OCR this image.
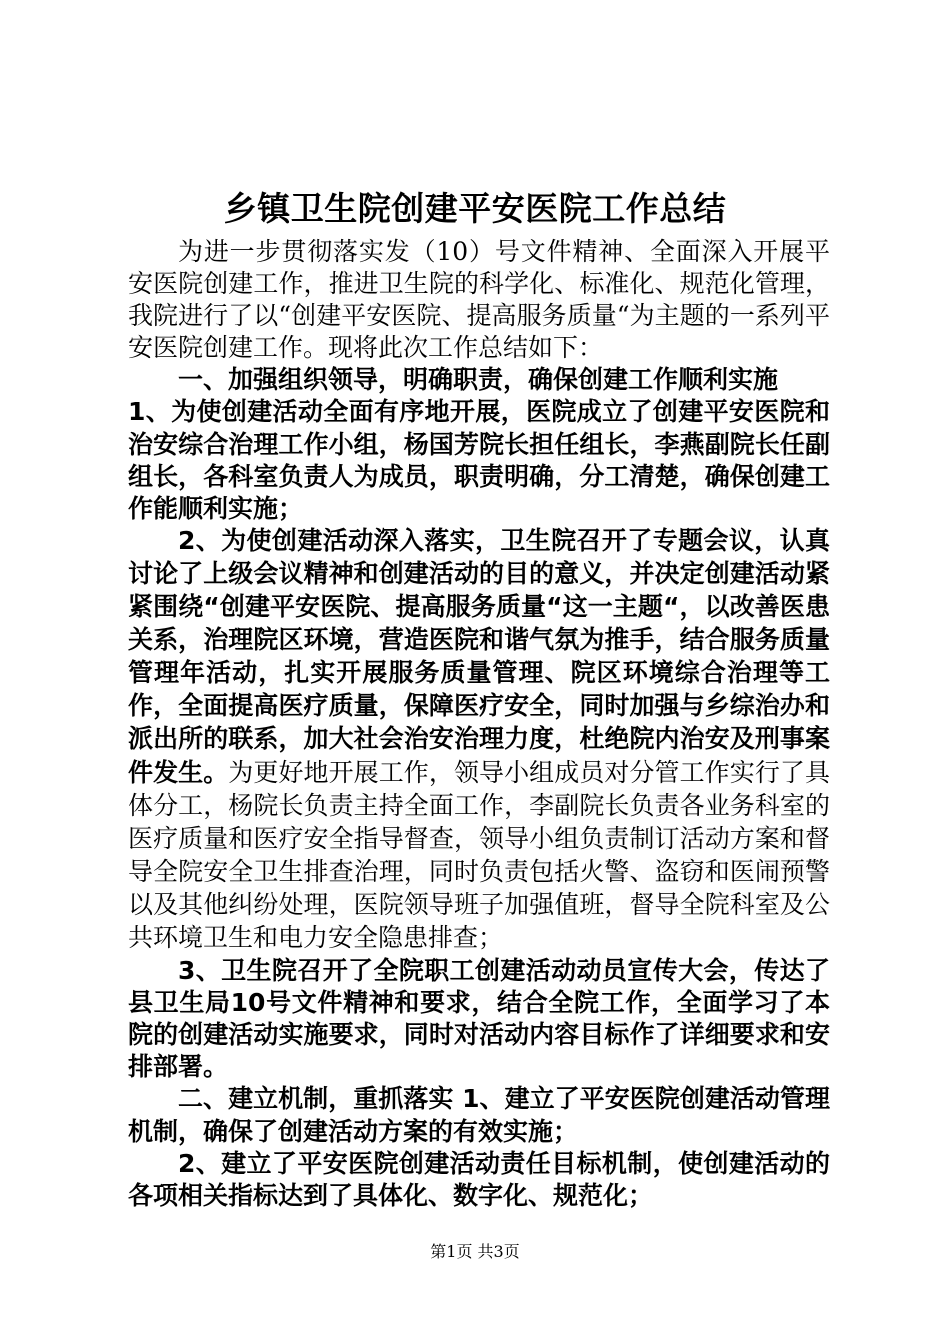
乡镇卫生院创建平安医院工作总结

为进一步贯彻落实发（10）号文件精神、全面深入开展平安医院创建工作，推进卫生院的科学化、标准化、规范化管理，我院进行了以“创建平安医院、提高服务质量“为主题的一系列平安医院创建工作。现将此次工作总结如下：

一、加强组织领导，明确职责，确保创建工作顺利实施

1、为使创建活动全面有序地开展，医院成立了创建平安医院和治安综合治理工作小组，杨国芳院长担任组长，李燕副院长任副组长，各科室负责人为成员，职责明确，分工清楚，确保创建工作能顺利实施；

2、为使创建活动深入落实，卫生院召开了专题会议，认真讨论了上级会议精神和创建活动的目的意义，并决定创建活动紧紧围绕“创建平安医院、提高服务质量“这一主题“，以改善医患关系，治理院区环境，营造医院和谐气氛为推手，结合服务质量管理年活动，扎实开展服务质量管理、院区环境综合治理等工作，全面提高医疗质量，保障医疗安全，同时加强与乡综治办和派出所的联系，加大社会治安治理力度，杜绝院内治安及刑事案件发生。为更好地开展工作，领导小组成员对分管工作实行了具体分工，杨院长负责主持全面工作，李副院长负责各业务科室的医疗质量和医疗安全指导督查，领导小组负责制订活动方案和督导全院安全卫生排查治理，同时负责包括火警、盗窃和医闹预警以及其他纠纷处理，医院领导班子加强值班，督导全院科室及公共环境卫生和电力安全隐患排查；

3、卫生院召开了全院职工创建活动动员宣传大会，传达了县卫生局10号文件精神和要求，结合全院工作，全面学习了本院的创建活动实施要求，同时对活动内容目标作了详细要求和安排部署。

二、建立机制，重抓落实 1、建立了平安医院创建活动管理机制，确保了创建活动方案的有效实施；

2、建立了平安医院创建活动责任目标机制，使创建活动的各项相关指标达到了具体化、数字化、规范化；

第1页 共3页
